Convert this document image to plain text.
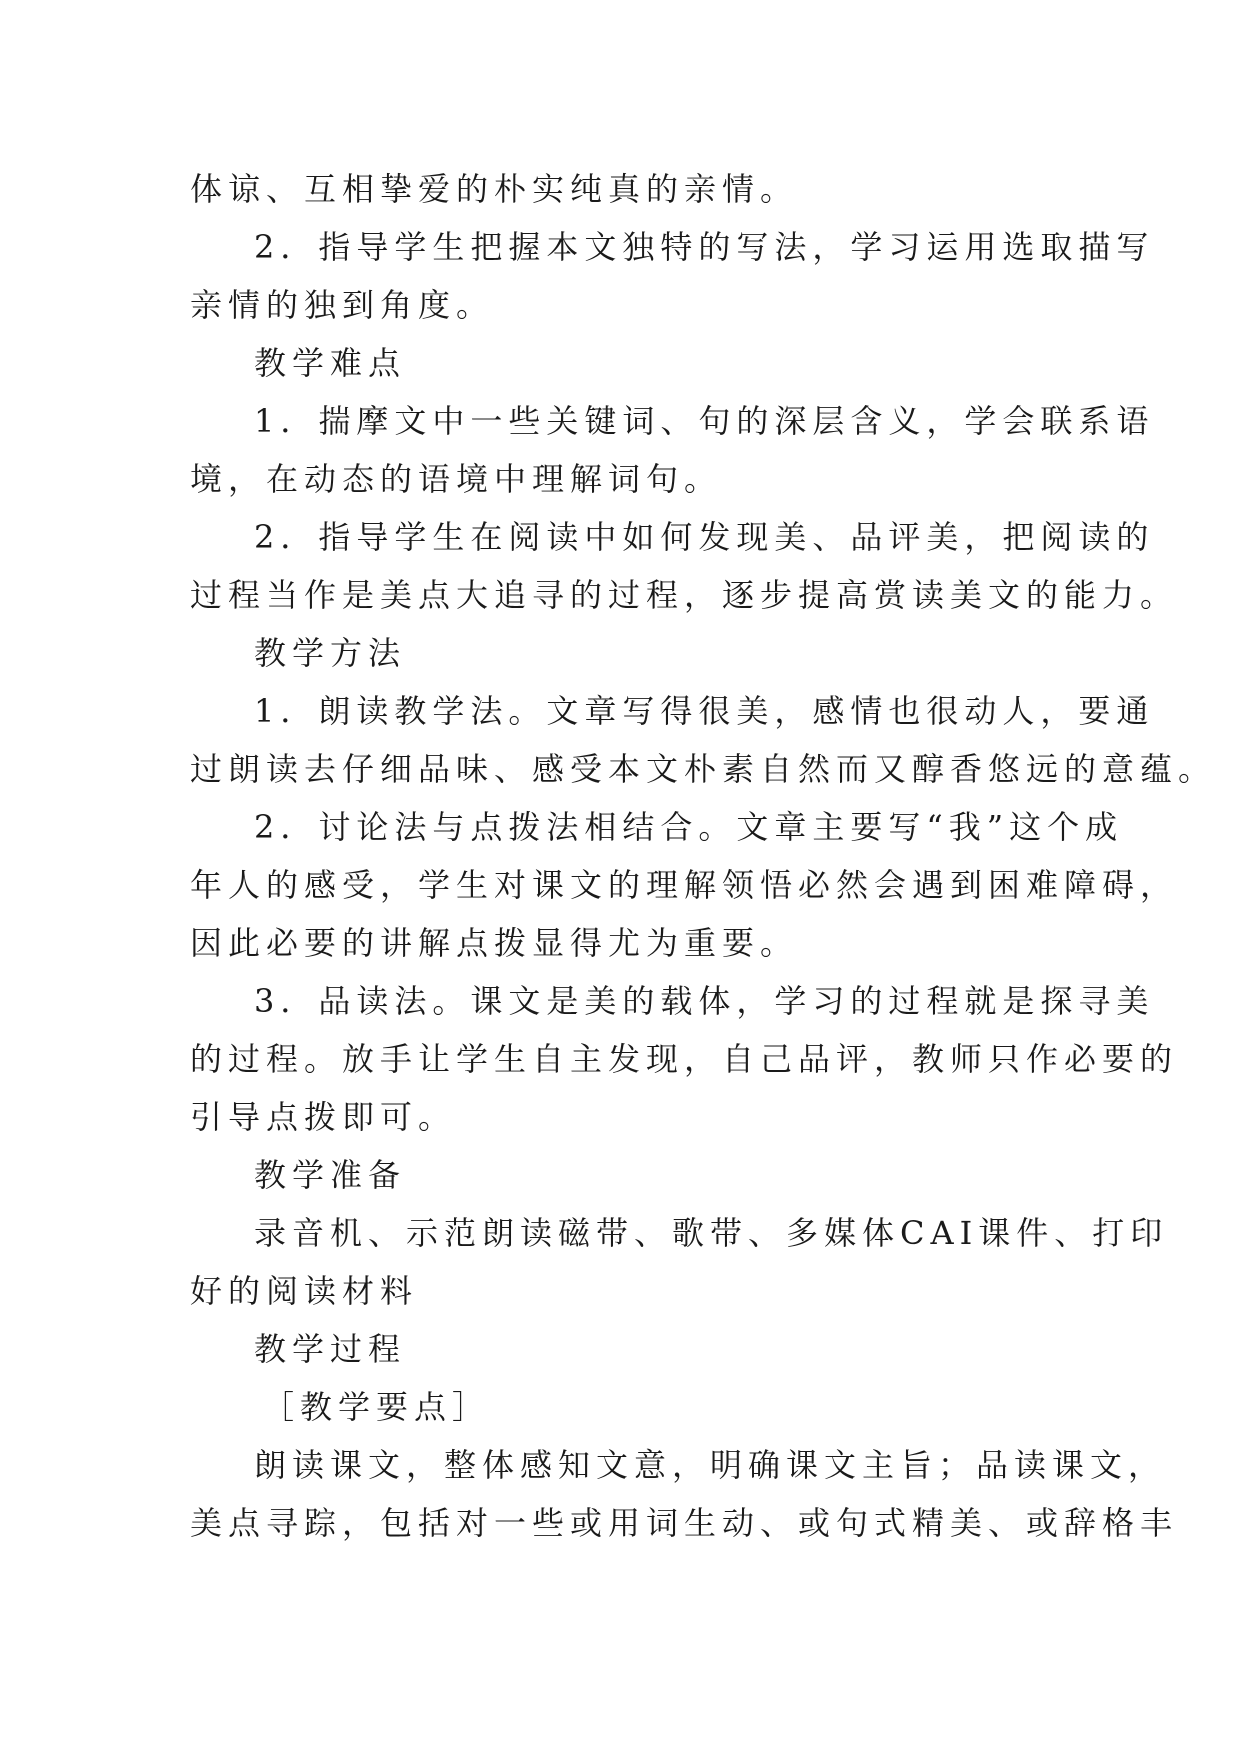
体谅、互相挚爱的朴实纯真的亲情。
2．指导学生把握本文独特的写法，学习运用选取描写
亲情的独到角度。
教学难点
1．揣摩文中一些关键词、句的深层含义，学会联系语
境，在动态的语境中理解词句。
2．指导学生在阅读中如何发现美、品评美，把阅读的
过程当作是美点大追寻的过程，逐步提高赏读美文的能力。
教学方法
1．朗读教学法。文章写得很美，感情也很动人，要通
过朗读去仔细品味、感受本文朴素自然而又醇香悠远的意蕴。
2．讨论法与点拨法相结合。文章主要写“我”这个成
年人的感受，学生对课文的理解领悟必然会遇到困难障碍，
因此必要的讲解点拨显得尤为重要。
3．品读法。课文是美的载体，学习的过程就是探寻美
的过程。放手让学生自主发现，自己品评，教师只作必要的
引导点拨即可。
教学准备
录音机、示范朗读磁带、歌带、多媒体CAI课件、打印
好的阅读材料
教学过程
［教学要点］
朗读课文，整体感知文意，明确课文主旨；品读课文，
美点寻踪，包括对一些或用词生动、或句式精美、或辞格丰
